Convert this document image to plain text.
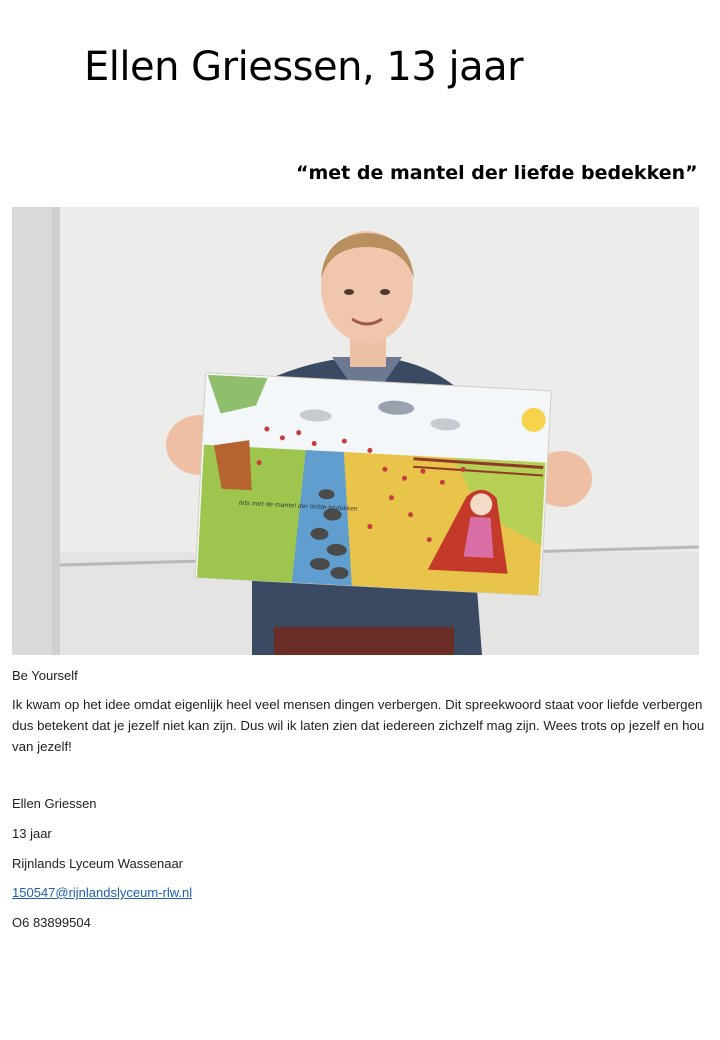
Ellen Griessen, 13 jaar
“met de mantel der liefde bedekken”
Iets met de mantel der liefde bedekken
Be Yourself

Ik kwam op het idee omdat eigenlijk heel veel mensen dingen verbergen. Dit spreekwoord staat voor liefde verbergen dus betekent dat je jezelf niet kan zijn. Dus wil ik laten zien dat iedereen zichzelf mag zijn. Wees trots op jezelf en hou van jezelf!

Ellen Griessen
13 jaar
Rijnlands Lyceum Wassenaar
150547@rijnlandslyceum-rlw.nl
O6 83899504
